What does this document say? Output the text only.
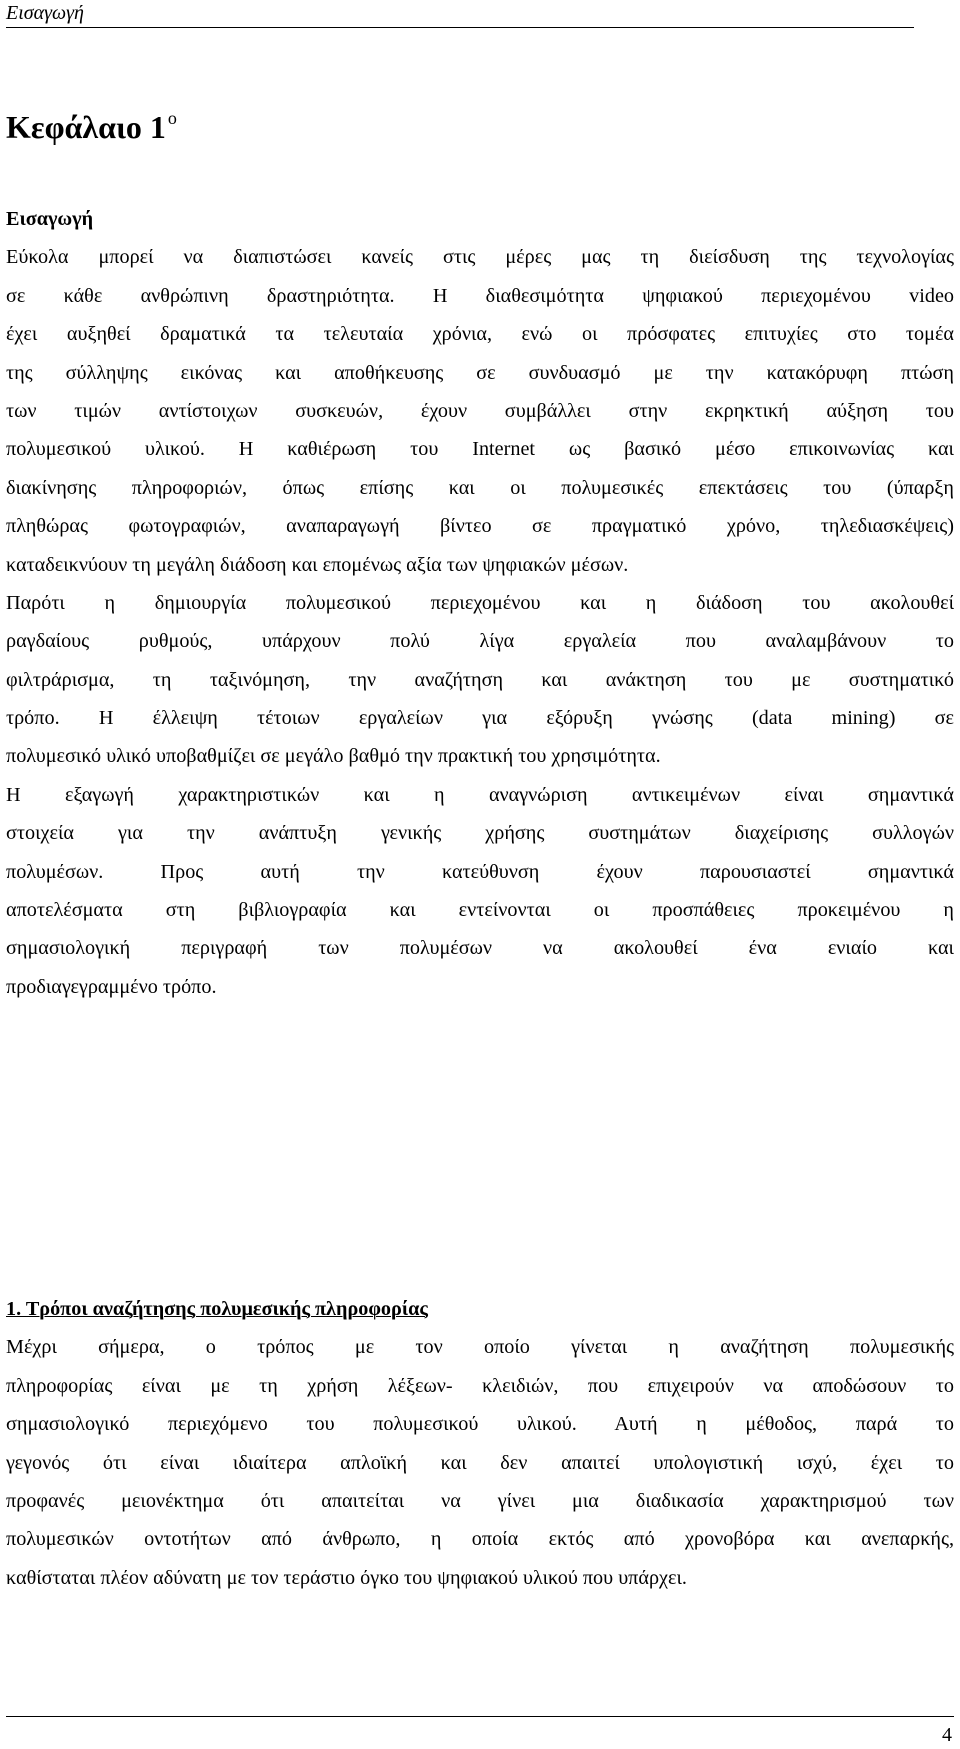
Εισαγωγή
Κεφάλαιο 1 $^o$
Εισαγωγή
Εύκολα μπορεί να διαπιστώσει κανείς στις μέρες μας τη διείσδυση της τεχνολογίας
σε κάθε ανθρώπινη δραστηριότητα. Η διαθεσιμότητα ψηφιακού περιεχομένου video
έχει αυξηθεί δραματικά τα τελευταία χρόνια, ενώ οι πρόσφατες επιτυχίες στο τομέα
της σύλληψης εικόνας και αποθήκευσης σε συνδυασμό με την κατακόρυφη πτώση
των τιμών αντίστοιχων συσκευών, έχουν συμβάλλει στην εκρηκτική αύξηση του
πολυμεσικού υλικού. Η καθιέρωση του Internet ως βασικό μέσο επικοινωνίας και
διακίνησης πληροφοριών, όπως επίσης και οι πολυμεσικές επεκτάσεις του (ύπαρξη
πληθώρας φωτογραφιών, αναπαραγωγή βίντεο σε πραγματικό χρόνο, τηλεδιασκέψεις)
καταδεικνύουν τη μεγάλη διάδοση και επομένως αξία των ψηφιακών μέσων.
Παρότι η δημιουργία πολυμεσικού περιεχομένου και η διάδοση του ακολουθεί
ραγδαίους ρυθμούς, υπάρχουν πολύ λίγα εργαλεία που αναλαμβάνουν το
φιλτράρισμα, τη ταξινόμηση, την αναζήτηση και ανάκτηση του με συστηματικό
τρόπο. Η έλλειψη τέτοιων εργαλείων για εξόρυξη γνώσης (data mining) σε
πολυμεσικό υλικό υποβαθμίζει σε μεγάλο βαθμό την πρακτική του χρησιμότητα.
Η εξαγωγή χαρακτηριστικών και η αναγνώριση αντικειμένων είναι σημαντικά
στοιχεία για την ανάπτυξη γενικής χρήσης συστημάτων διαχείρισης συλλογών
πολυμέσων. Προς αυτή την κατεύθυνση έχουν παρουσιαστεί σημαντικά
αποτελέσματα στη βιβλιογραφία και εντείνονται οι προσπάθειες προκειμένου η
σημασιολογική περιγραφή των πολυμέσων να ακολουθεί ένα ενιαίο και
προδιαγεγραμμένο τρόπο.
1. Τρόποι αναζήτησης πολυμεσικής πληροφορίας
Μέχρι σήμερα, ο τρόπος με τον οποίο γίνεται η αναζήτηση πολυμεσικής
πληροφορίας είναι με τη χρήση λέξεων- κλειδιών, που επιχειρούν να αποδώσουν το
σημασιολογικό περιεχόμενο του πολυμεσικού υλικού. Αυτή η μέθοδος, παρά το
γεγονός ότι είναι ιδιαίτερα απλοϊκή και δεν απαιτεί υπολογιστική ισχύ, έχει το
προφανές μειονέκτημα ότι απαιτείται να γίνει μια διαδικασία χαρακτηρισμού των
πολυμεσικών οντοτήτων από άνθρωπο, η οποία εκτός από χρονοβόρα και ανεπαρκής,
καθίσταται πλέον αδύνατη με τον τεράστιο όγκο του ψηφιακού υλικού που υπάρχει.
4
